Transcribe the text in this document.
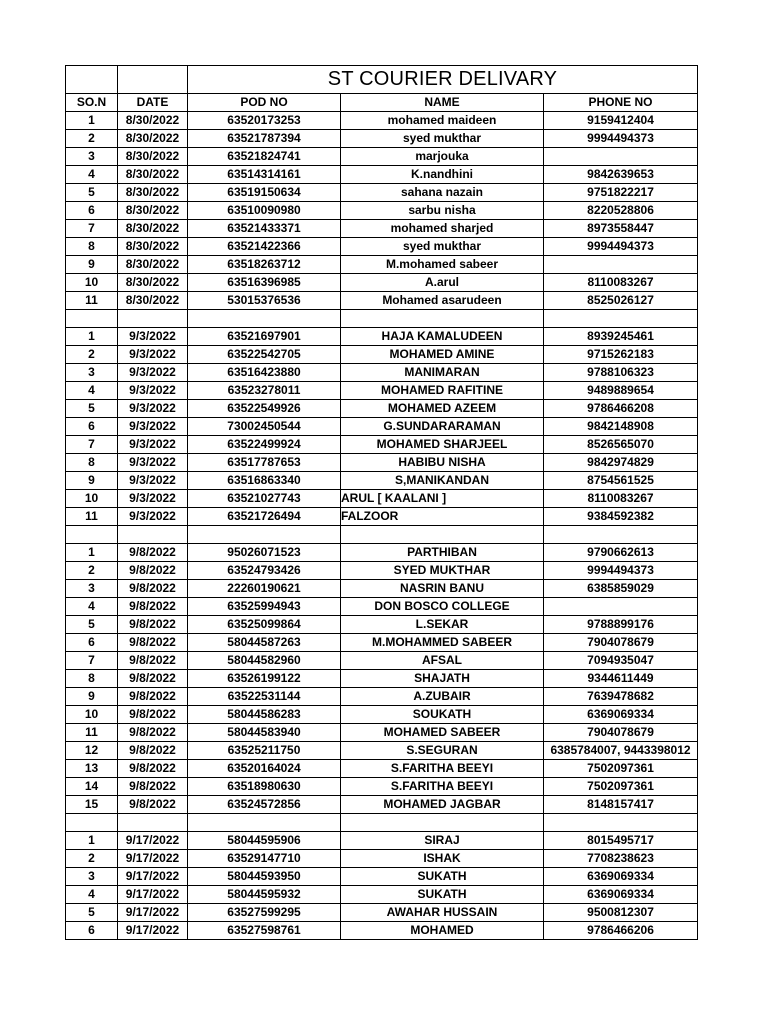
		ST COURIER DELIVARY		
SO.N	DATE	POD NO	NAME	PHONE NO
1	8/30/2022	63520173253	mohamed maideen	9159412404
2	8/30/2022	63521787394	syed mukthar	9994494373
3	8/30/2022	63521824741	marjouka	
4	8/30/2022	63514314161	K.nandhini	9842639653
5	8/30/2022	63519150634	sahana nazain	9751822217
6	8/30/2022	63510090980	sarbu nisha	8220528806
7	8/30/2022	63521433371	mohamed sharjed	8973558447
8	8/30/2022	63521422366	syed mukthar	9994494373
9	8/30/2022	63518263712	M.mohamed sabeer	
10	8/30/2022	63516396985	A.arul	8110083267
11	8/30/2022	53015376536	Mohamed asarudeen	8525026127

1	9/3/2022	63521697901	HAJA KAMALUDEEN	8939245461
2	9/3/2022	63522542705	MOHAMED AMINE	9715262183
3	9/3/2022	63516423880	MANIMARAN	9788106323
4	9/3/2022	63523278011	MOHAMED RAFITINE	9489889654
5	9/3/2022	63522549926	MOHAMED AZEEM	9786466208
6	9/3/2022	73002450544	G.SUNDARARAMAN	9842148908
7	9/3/2022	63522499924	MOHAMED SHARJEEL	8526565070
8	9/3/2022	63517787653	HABIBU NISHA	9842974829
9	9/3/2022	63516863340	S,MANIKANDAN	8754561525
10	9/3/2022	63521027743	ARUL [ KAALANI ]	8110083267
11	9/3/2022	63521726494	FALZOOR	9384592382

1	9/8/2022	95026071523	PARTHIBAN	9790662613
2	9/8/2022	63524793426	SYED MUKTHAR	9994494373
3	9/8/2022	22260190621	NASRIN BANU	6385859029
4	9/8/2022	63525994943	DON BOSCO COLLEGE	
5	9/8/2022	63525099864	L.SEKAR	9788899176
6	9/8/2022	58044587263	M.MOHAMMED SABEER	7904078679
7	9/8/2022	58044582960	AFSAL	7094935047
8	9/8/2022	63526199122	SHAJATH	9344611449
9	9/8/2022	63522531144	A.ZUBAIR	7639478682
10	9/8/2022	58044586283	SOUKATH	6369069334
11	9/8/2022	58044583940	MOHAMED SABEER	7904078679
12	9/8/2022	63525211750	S.SEGURAN	6385784007, 9443398012
13	9/8/2022	63520164024	S.FARITHA BEEYI	7502097361
14	9/8/2022	63518980630	S.FARITHA BEEYI	7502097361
15	9/8/2022	63524572856	MOHAMED JAGBAR	8148157417

1	9/17/2022	58044595906	SIRAJ	8015495717
2	9/17/2022	63529147710	ISHAK	7708238623
3	9/17/2022	58044593950	SUKATH	6369069334
4	9/17/2022	58044595932	SUKATH	6369069334
5	9/17/2022	63527599295	AWAHAR HUSSAIN	9500812307
6	9/17/2022	63527598761	MOHAMED	9786466206
